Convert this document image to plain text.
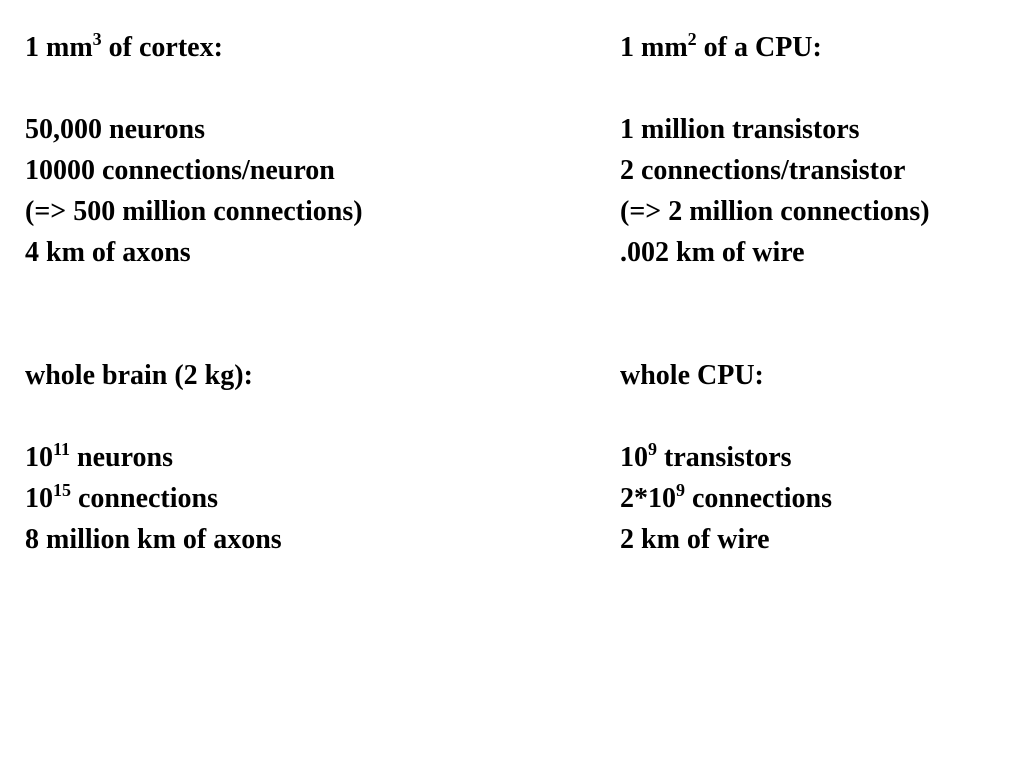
1 $mm^3$ of cortex:
50,000 neurons
10000 connections/neuron
(=> 500 million connections)
4 km of axons
whole brain (2 kg):
$10^{11}$ neurons
$10^{15}$ connections
8 million km of axons
1 $mm^2$ of a CPU:
1 million transistors
2 connections/transistor
(=> 2 million connections)
.002 km of wire
whole CPU:
$10^9$ transistors
$2*10^9$ connections
2 km of wire
